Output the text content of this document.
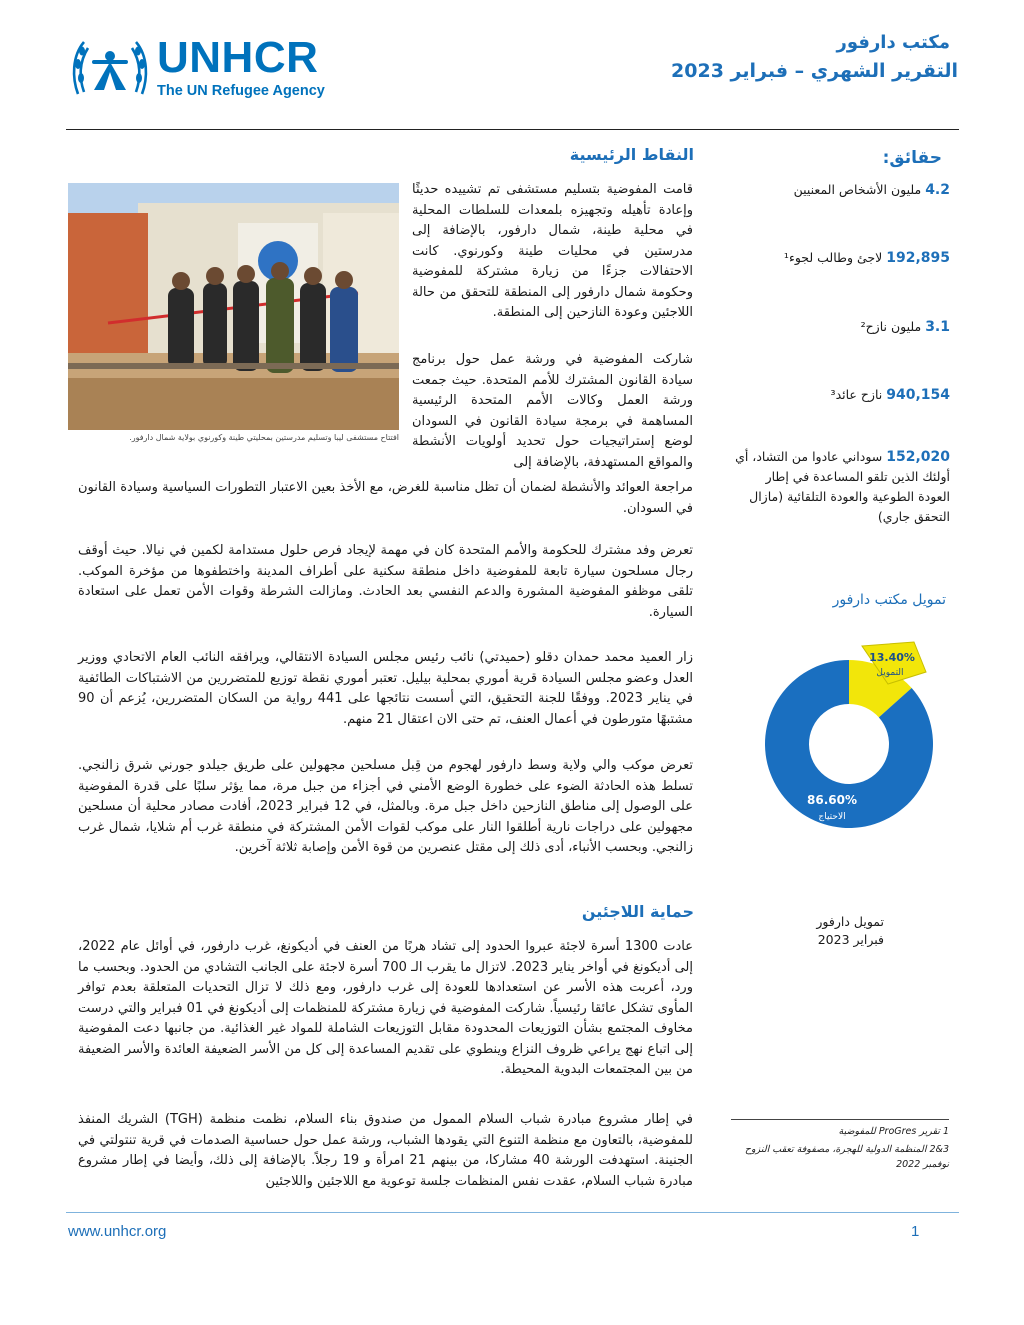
UNHCR
The UN Refugee Agency
مكتب دارفور
التقرير الشهري – فبراير 2023
حقائق:
4.2 مليون الأشخاص المعنيين
192,895 لاجئ وطالب لجوء¹
3.1 مليون نازح²
940,154 نازح عائد³
152,020 سوداني عادوا من التشاد، أي أولئك الذين تلقو المساعدة في إطار العودة الطوعية والعودة التلقائية (مازال التحقق جاري)
تمويل مكتب دارفور
13.40%
التمويل
86.60%
الاحتياج
تمويل دارفور
فبراير 2023
النقاط الرئيسية
افتتاح مستشفى ليبا وتسليم مدرستين بمحليتي طينة وكورنوي بولاية شمال دارفور.
قامت المفوضية بتسليم مستشفى تم تشييده حديثًا وإعادة تأهيله وتجهيزه بلمعدات للسلطات المحلية في محلية طينة، شمال دارفور، بالإضافة إلى مدرستين في محليات طينة وكورنوي. كانت الاحتفالات جزءًا من زيارة مشتركة للمفوضية وحكومة شمال دارفور إلى المنطقة للتحقق من حالة اللاجئين وعودة النازحين إلى المنطقة.
شاركت المفوضية في ورشة عمل حول برنامج سيادة القانون المشترك للأمم المتحدة. حيث جمعت ورشة العمل وكالات الأمم المتحدة الرئيسية المساهمة في برمجة سيادة القانون في السودان لوضع إستراتيجيات حول تحديد أولويات الأنشطة والمواقع المستهدفة، بالإضافة إلى
مراجعة العوائد والأنشطة لضمان أن تظل مناسبة للغرض، مع الأخذ بعين الاعتبار التطورات السياسية وسيادة القانون في السودان.
تعرض وفد مشترك للحكومة والأمم المتحدة كان في مهمة لإيجاد فرص حلول مستدامة لكمين في نيالا. حيث أوقف رجال مسلحون سيارة تابعة للمفوضية داخل منطقة سكنية على أطراف المدينة واختطفوها من مؤخرة الموكب. تلقى موظفو المفوضية المشورة والدعم النفسي بعد الحادث. ومازالت الشرطة وقوات الأمن تعمل على استعادة السيارة.
زار العميد محمد حمدان دقلو (حميدتي) نائب رئيس مجلس السيادة الانتقالي، ويرافقه النائب العام الاتحادي ووزير العدل وعضو مجلس السيادة قرية أموري بمحلية بيليل. تعتبر أموري نقطة توزيع للمتضررين من الاشتباكات الطائفية في يناير 2023. ووفقًا للجنة التحقيق، التي أسست نتائجها على 441 رواية من السكان المتضررين، يُزعم أن 90 مشتبهًا متورطون في أعمال العنف، تم حتى الان اعتقال 21 منهم.
تعرض موكب والي ولاية وسط دارفور لهجوم من قِبل مسلحين مجهولين على طريق جيلدو جورني شرق زالنجي. تسلط هذه الحادثة الضوء على خطورة الوضع الأمني في أجزاء من جبل مرة، مما يؤثر سلبًا على قدرة المفوضية على الوصول إلى مناطق النازحين داخل جبل مرة. وبالمثل، في 12 فبراير 2023، أفادت مصادر محلية أن مسلحين مجهولين على دراجات نارية أطلقوا النار على موكب لقوات الأمن المشتركة في منطقة غرب أم شلايا، شمال غرب زالنجي. وبحسب الأنباء، أدى ذلك إلى مقتل عنصرين من قوة الأمن وإصابة ثلاثة آخرين.
حماية اللاجئين
عادت 1300 أسرة لاجئة عبروا الحدود إلى تشاد هربًا من العنف في أديكونغ، غرب دارفور، في أوائل عام 2022، إلى أديكونغ في أواخر يناير 2023. لاتزال ما يقرب الـ 700 أسرة لاجئة على الجانب التشادي من الحدود. وبحسب ما ورد، أعربت هذه الأسر عن استعدادها للعودة إلى غرب دارفور، ومع ذلك لا تزال التحديات المتعلقة بعدم توافر المأوى تشكل عائقا رئيسياً. شاركت المفوضية في زيارة مشتركة للمنظمات إلى أديكونغ في 01 فبراير والتي درست مخاوف المجتمع بشأن التوزيعات المحدودة مقابل التوزيعات الشاملة للمواد غير الغذائية. من جانبها دعت المفوضية إلى اتباع نهج يراعي ظروف النزاع وينطوي على تقديم المساعدة إلى كل من الأسر الضعيفة العائدة والأسر الضعيفة من بين المجتمعات البدوية المحيطة.
في إطار مشروع مبادرة شباب السلام الممول من صندوق بناء السلام، نظمت منظمة (TGH) الشريك المنفذ للمفوضية، بالتعاون مع منظمة التنوع التي يقودها الشباب، ورشة عمل حول حساسية الصدمات في قرية تنتولتي في الجنينة. استهدفت الورشة 40 مشاركا، من بينهم 21 امرأة و 19 رجلاً. بالإضافة إلى ذلك، وأيضا في إطار مشروع مبادرة شباب السلام، عقدت نفس المنظمات جلسة توعوية مع اللاجئين واللاجئين
1 تقرير ProGres للمفوضية
3&2 المنظمة الدولية للهجرة، مصفوفة تعقب النزوح نوفمبر 2022
www.unhcr.org	1
